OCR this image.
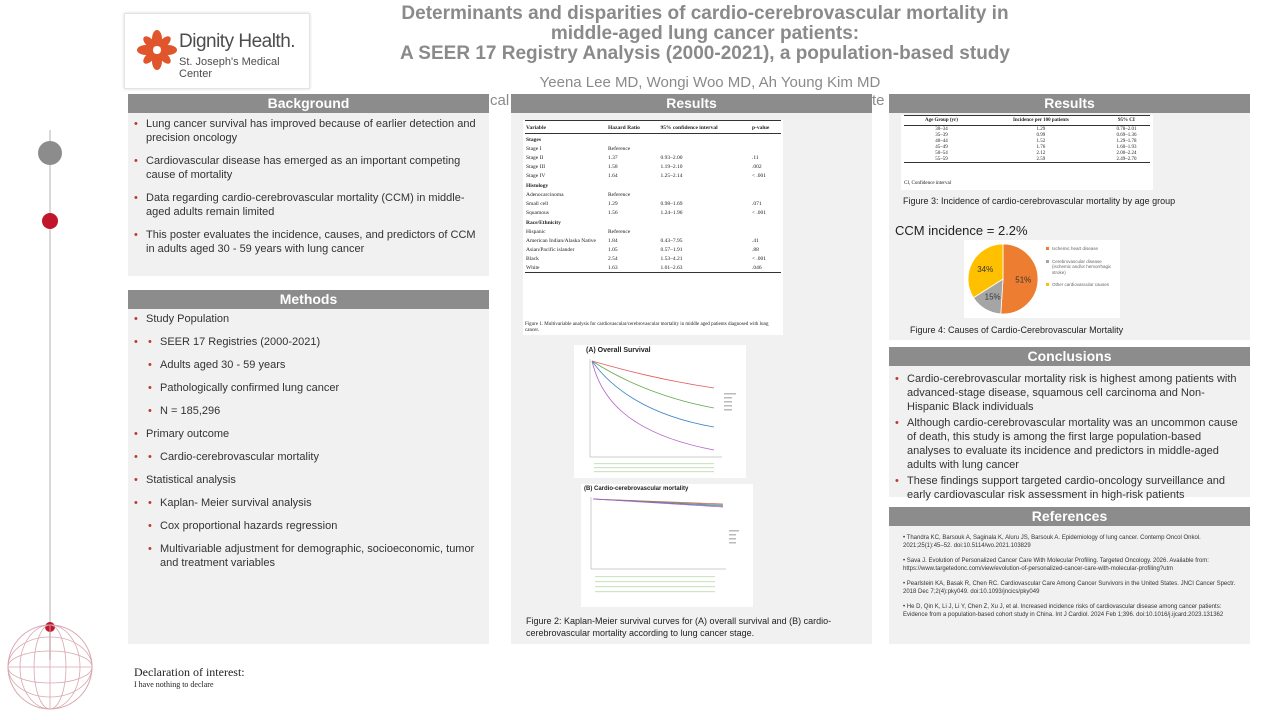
Dignity Health.
St. Joseph's Medical Center
Determinants and disparities of cardio-cerebrovascular mortality in
middle-aged lung cancer patients:
A SEER 17 Registry Analysis (2000-2021), a population-based study
Yeena Lee MD, Wongi Woo MD, Ah Young Kim MD
cal	te
Background
• Lung cancer survival has improved because of earlier detection and precision oncology
• Cardiovascular disease has emerged as an important competing cause of mortality
• Data regarding cardio-cerebrovascular mortality (CCM) in middle-aged adults remain limited
• This poster evaluates the incidence, causes, and predictors of CCM in adults aged 30 - 59 years with lung cancer
Methods
• Study Population
• • SEER 17 Registries (2000-2021)
• Adults aged 30 - 59 years
• Pathologically confirmed lung cancer
• N = 185,296
• Primary outcome
• • Cardio-cerebrovascular mortality
• Statistical analysis
• • Kaplan- Meier survival analysis
• Cox proportional hazards regression
• Multivariable adjustment for demographic, socioeconomic, tumor and treatment variables
Declaration of interest:
I have nothing to declare
Results
Variable	Hazard Ratio	95% confidence interval	p-value
Stages			
Stage I	Reference		
Stage II	1.37	0.93–2.00	.11
Stage III	1.58	1.19–2.10	.002
Stage IV	1.64	1.25–2.14	< .001
Histology			
Adenocarcinoma	Reference		
Small cell	1.29	0.98–1.69	.071
Squamous	1.56	1.24–1.96	< .001
Race/Ethnicity			
Hispanic	Reference		
American Indian/Alaska Native	1.84	0.43–7.95	.41
Asian/Pacific islander	1.05	0.57–1.91	.88
Black	2.54	1.53–4.21	< .001
White	1.63	1.01–2.63	.046
Figure 1. Multivariable analysis for cardiovascular/cerebrovascular mortality in middle aged patients diagnosed with lung cancer.
(A) Overall Survival
(B) Cardio-cerebrovascular mortality
Figure 2: Kaplan-Meier survival curves for (A) overall survival and (B) cardio-cerebrovascular mortality according to lung cancer stage.
Results
Age Group (yr)	Incidence per 100 patients	95% CI
30–34	1.29	0.78–2.01
35–39	0.99	0.69–1.36
40–44	1.52	1.29–1.78
45–49	1.76	1.60–1.93
50–54	2.12	2.00–2.24
55–59	2.59	2.49–2.70
CI, Confidence interval
Figure 3: Incidence of cardio-cerebrovascular mortality by age group
CCM incidence = 2.2%
51%
15%
34%
Ischemic heart disease
Cerebrovascular disease (ischemic and/or hemorrhagic stroke)
Other cardiovascular causes
Figure 4: Causes of Cardio-Cerebrovascular Mortality
Conclusions
• Cardio-cerebrovascular mortality risk is highest among patients with advanced-stage disease, squamous cell carcinoma and Non-Hispanic Black individuals
• Although cardio-cerebrovascular mortality was an uncommon cause of death, this study is among the first large population-based analyses to evaluate its incidence and predictors in middle-aged adults with lung cancer
• These findings support targeted cardio-oncology surveillance and early cardiovascular risk assessment in high-risk patients
References
• Thandra KC, Barsouk A, Saginala K, Aluru JS, Barsouk A. Epidemiology of lung cancer. Contemp Oncol Onkol. 2021;25(1):45–52. doi:10.5114/wo.2021.103829
• Sava J. Evolution of Personalized Cancer Care With Molecular Profiling. Targeted Oncology. 2026. Available from: https://www.targetedonc.com/view/evolution-of-personalized-cancer-care-with-molecular-profiling?utm
• Pearlstein KA, Basak R, Chen RC. Cardiovascular Care Among Cancer Survivors in the United States. JNCI Cancer Spectr. 2018 Dec 7;2(4):pky049. doi:10.1093/jncics/pky049
• He D, Qin K, Li J, Li Y, Chen Z, Xu J, et al. Increased incidence risks of cardiovascular disease among cancer patients: Evidence from a population-based cohort study in China. Int J Cardiol. 2024 Feb 1;396. doi:10.1016/j.ijcard.2023.131362
